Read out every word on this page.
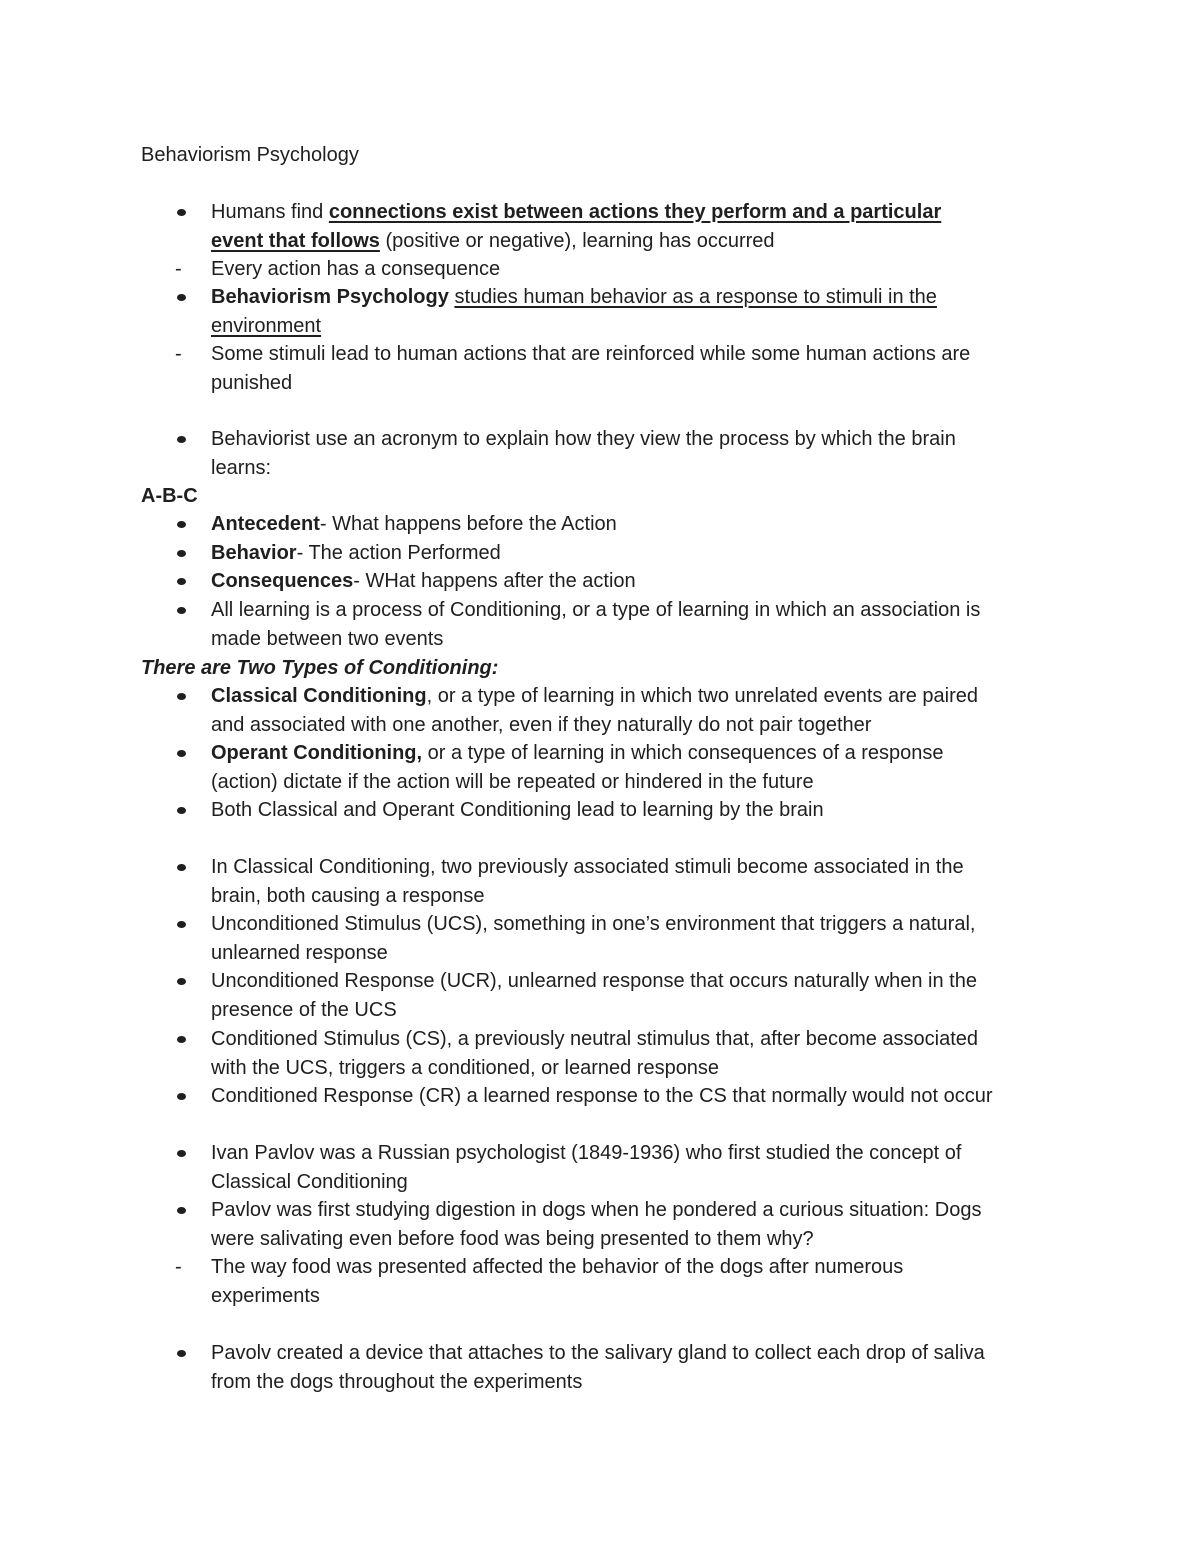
Behaviorism Psychology
Humans find connections exist between actions they perform and a particular
event that follows (positive or negative), learning has occurred
- Every action has a consequence
Behaviorism Psychology studies human behavior as a response to stimuli in the
environment
- Some stimuli lead to human actions that are reinforced while some human actions are
punished
Behaviorist use an acronym to explain how they view the process by which the brain
learns:
A-B-C
Antecedent- What happens before the Action
Behavior- The action Performed
Consequences- WHat happens after the action
All learning is a process of Conditioning, or a type of learning in which an association is
made between two events
There are Two Types of Conditioning:
Classical Conditioning, or a type of learning in which two unrelated events are paired
and associated with one another, even if they naturally do not pair together
Operant Conditioning, or a type of learning in which consequences of a response
(action) dictate if the action will be repeated or hindered in the future
Both Classical and Operant Conditioning lead to learning by the brain
In Classical Conditioning, two previously associated stimuli become associated in the
brain, both causing a response
Unconditioned Stimulus (UCS), something in one’s environment that triggers a natural,
unlearned response
Unconditioned Response (UCR), unlearned response that occurs naturally when in the
presence of the UCS
Conditioned Stimulus (CS), a previously neutral stimulus that, after become associated
with the UCS, triggers a conditioned, or learned response
Conditioned Response (CR) a learned response to the CS that normally would not occur
Ivan Pavlov was a Russian psychologist (1849-1936) who first studied the concept of
Classical Conditioning
Pavlov was first studying digestion in dogs when he pondered a curious situation: Dogs
were salivating even before food was being presented to them why?
- The way food was presented affected the behavior of the dogs after numerous
experiments
Pavolv created a device that attaches to the salivary gland to collect each drop of saliva
from the dogs throughout the experiments
